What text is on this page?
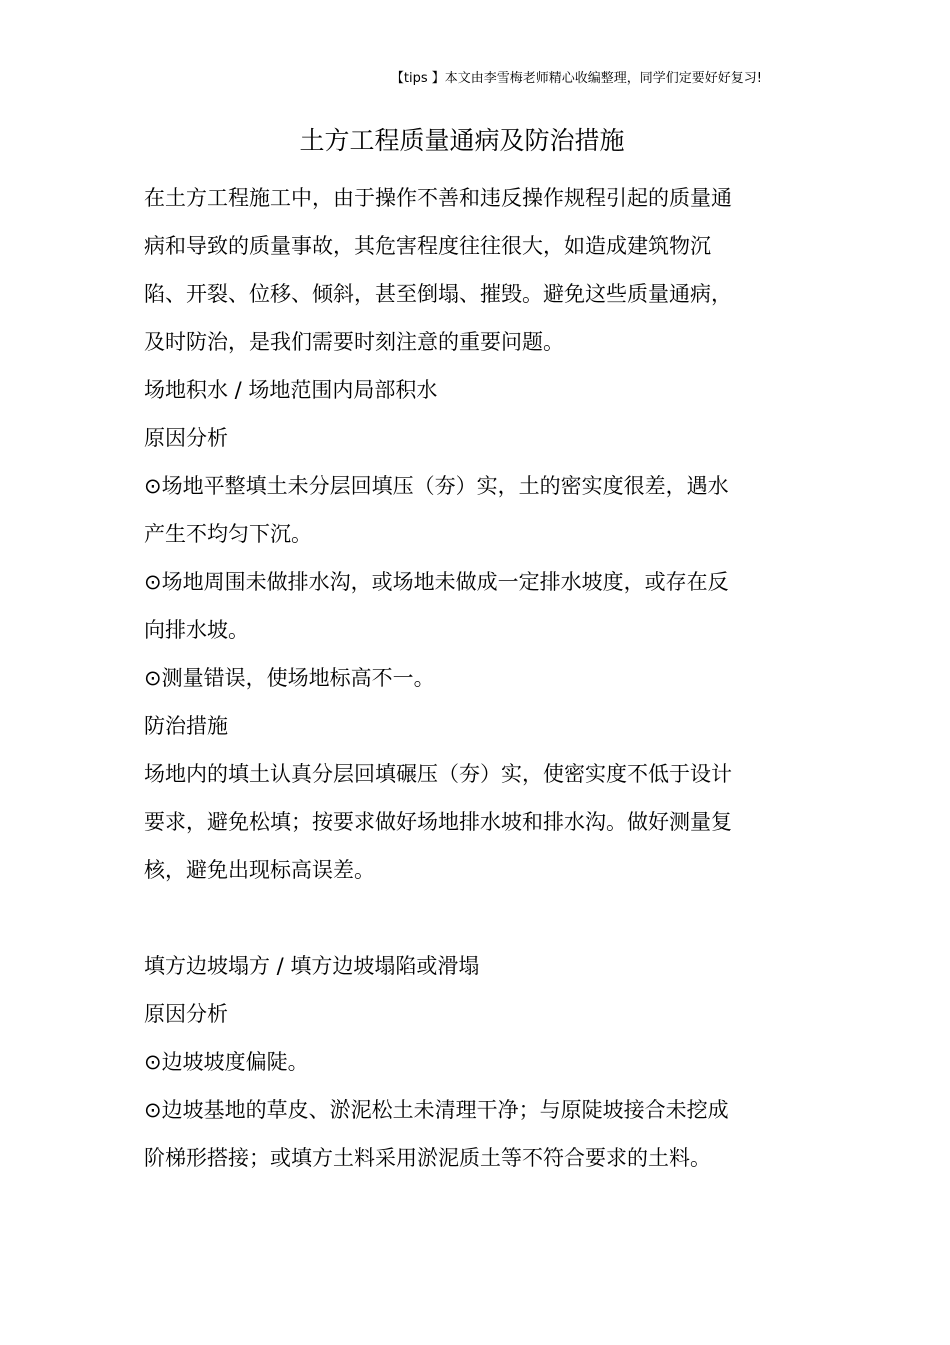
【tips 】本文由李雪梅老师精心收编整理，同学们定要好好复习!
土方工程质量通病及防治措施

在土方工程施工中，由于操作不善和违反操作规程引起的质量通病和导致的质量事故，其危害程度往往很大，如造成建筑物沉陷、开裂、位移、倾斜，甚至倒塌、摧毁。避免这些质量通病，及时防治，是我们需要时刻注意的重要问题。

场地积水 / 场地范围内局部积水

原因分析

⊙场地平整填土未分层回填压（夯）实，土的密实度很差，遇水产生不均匀下沉。

⊙场地周围未做排水沟，或场地未做成一定排水坡度，或存在反向排水坡。

⊙测量错误，使场地标高不一。

防治措施

场地内的填土认真分层回填碾压（夯）实，使密实度不低于设计要求，避免松填；按要求做好场地排水坡和排水沟。做好测量复核，避免出现标高误差。

填方边坡塌方 / 填方边坡塌陷或滑塌

原因分析

⊙边坡坡度偏陡。

⊙边坡基地的草皮、淤泥松土未清理干净；与原陡坡接合未挖成阶梯形搭接；或填方土料采用淤泥质土等不符合要求的土料。
